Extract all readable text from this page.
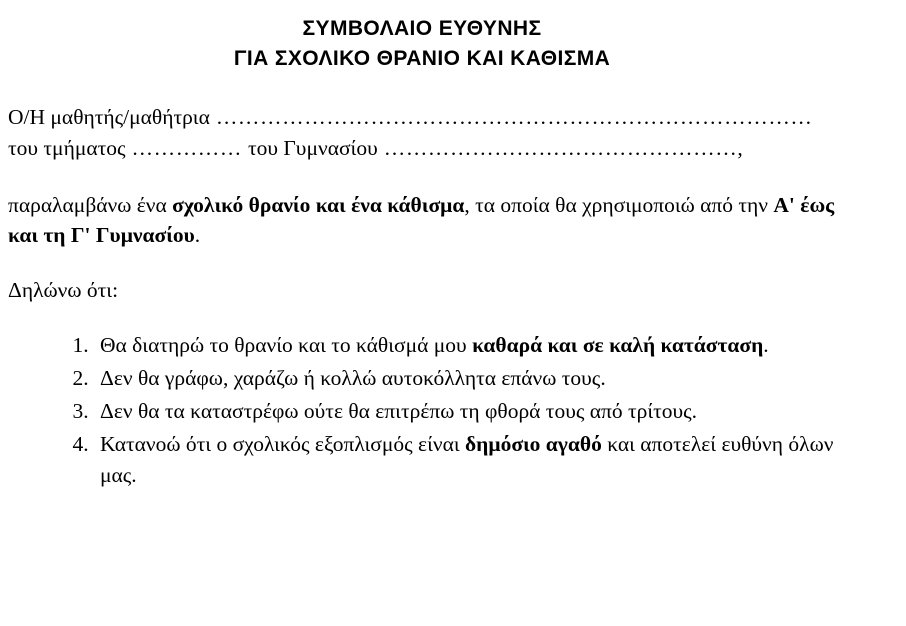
ΣΥΜΒΟΛΑΙΟ ΕΥΘΥΝΗΣ
ΓΙΑ ΣΧΟΛΙΚΟ ΘΡΑΝΙΟ ΚΑΙ ΚΑΘΙΣΜΑ

Ο/Η μαθητής/μαθήτρια ………………………………………………………………………

του τμήματος …………… του Γυμνασίου …………………………………………,

παραλαμβάνω ένα σχολικό θρανίο και ένα κάθισμα, τα οποία θα χρησιμοποιώ από την Α' έως και τη Γ' Γυμνασίου.

Δηλώνω ότι:

1. Θα διατηρώ το θρανίο και το κάθισμά μου καθαρά και σε καλή κατάσταση.
2. Δεν θα γράφω, χαράζω ή κολλώ αυτοκόλλητα επάνω τους.
3. Δεν θα τα καταστρέφω ούτε θα επιτρέπω τη φθορά τους από τρίτους.
4. Κατανοώ ότι ο σχολικός εξοπλισμός είναι δημόσιο αγαθό και αποτελεί ευθύνη όλων μας.
